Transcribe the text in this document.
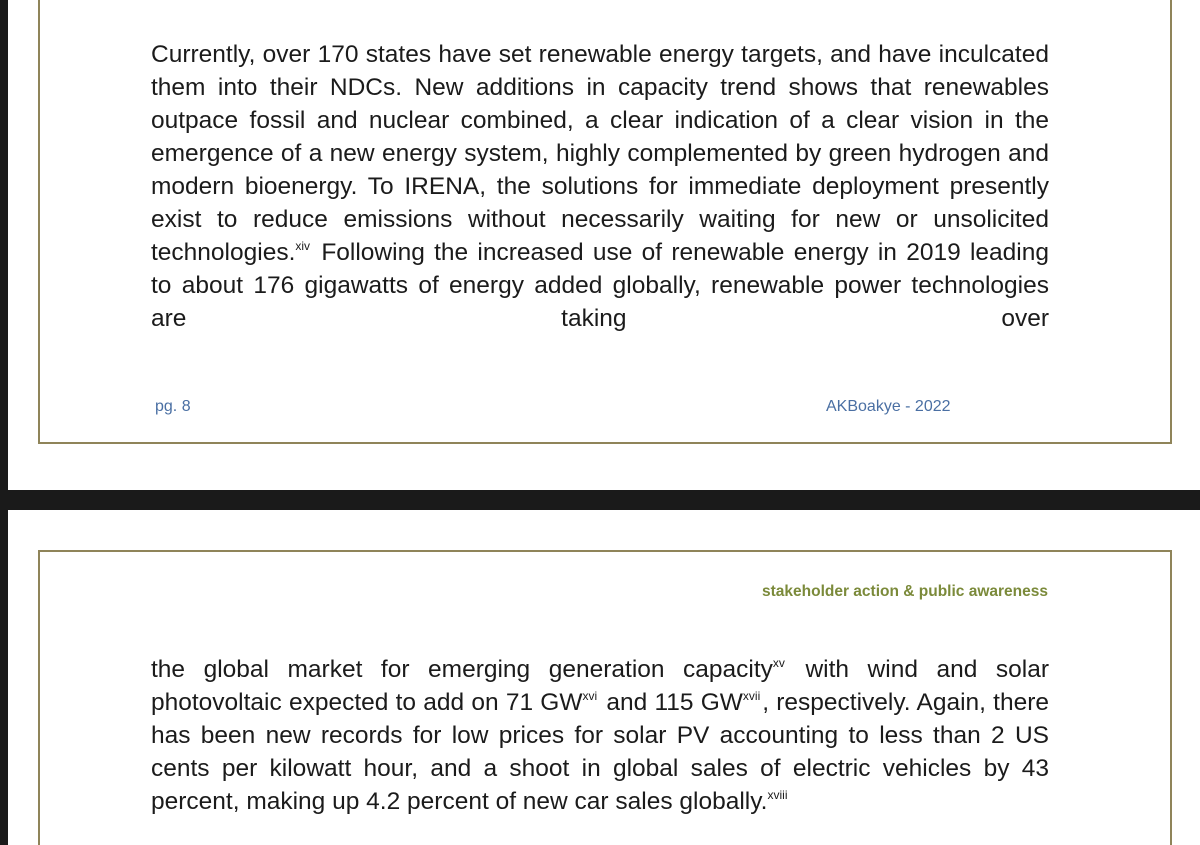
Currently, over 170 states have set renewable energy targets, and have inculcated them into their NDCs. New additions in capacity trend shows that renewables outpace fossil and nuclear combined, a clear indication of a clear vision in the emergence of a new energy system, highly complemented by green hydrogen and modern bioenergy. To IRENA, the solutions for immediate deployment presently exist to reduce emissions without necessarily waiting for new or unsolicited technologies.$^{xiv}$ Following the increased use of renewable energy in 2019 leading to about 176 gigawatts of energy added globally, renewable power technologies are taking over

pg. 8	AKBoakye - 2022
stakeholder action & public awareness

the global market for emerging generation capacity$^{xv}$ with wind and solar photovoltaic expected to add on 71 GW$^{xvi}$ and 115 GW$^{xvii}$, respectively. Again, there has been new records for low prices for solar PV accounting to less than 2 US cents per kilowatt hour, and a shoot in global sales of electric vehicles by 43 percent, making up 4.2 percent of new car sales globally.$^{xviii}$
